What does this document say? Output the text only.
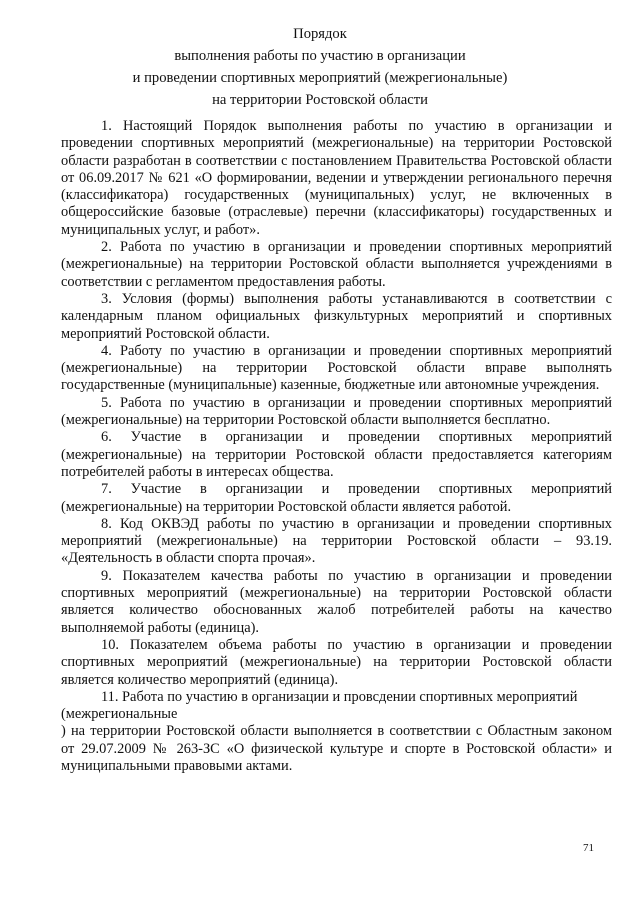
Порядок
выполнения работы по участию в организации
и проведении спортивных мероприятий (межрегиональные)
на территории Ростовской области

1. Настоящий Порядок выполнения работы по участию в организации и проведении спортивных мероприятий (межрегиональные) на территории Ростовской области разработан в соответствии с постановлением Правительства Ростовской области от 06.09.2017 № 621 «О формировании, ведении и утверждении регионального перечня (классификатора) государственных (муниципальных) услуг, не включенных в общероссийские базовые (отраслевые) перечни (классификаторы) государственных и муниципальных услуг, и работ».

2. Работа по участию в организации и проведении спортивных мероприятий (межрегиональные) на территории Ростовской области выполняется учреждениями в соответствии с регламентом предоставления работы.

3. Условия (формы) выполнения работы устанавливаются в соответствии с календарным планом официальных физкультурных мероприятий и спортивных мероприятий Ростовской области.

4. Работу по участию в организации и проведении спортивных мероприятий (межрегиональные) на территории Ростовской области вправе выполнять государственные (муниципальные) казенные, бюджетные или автономные учреждения.

5. Работа по участию в организации и проведении спортивных мероприятий (межрегиональные) на территории Ростовской области выполняется бесплатно.

6. Участие в организации и проведении спортивных мероприятий (межрегиональные) на территории Ростовской области предоставляется категориям потребителей работы в интересах общества.

7. Участие в организации и проведении спортивных мероприятий (межрегиональные) на территории Ростовской области является работой.

8. Код ОКВЭД работы по участию в организации и проведении спортивных мероприятий (межрегиональные) на территории Ростовской области – 93.19. «Деятельность в области спорта прочая».

9. Показателем качества работы по участию в организации и проведении спортивных мероприятий (межрегиональные) на территории Ростовской области является количество обоснованных жалоб потребителей работы на качество выполняемой работы (единица).

10. Показателем объема работы по участию в организации и проведении спортивных мероприятий (межрегиональные) на территории Ростовской области является количество мероприятий (единица).

11. Работа по участию в организации и провсдении спортивных мероприятий (межрегиональные

) на территории Ростовской области выполняется в соответствии с Областным законом от 29.07.2009 № 263-ЗС «О физической культуре и спорте в Ростовской области» и муниципальными правовыми актами.

71
